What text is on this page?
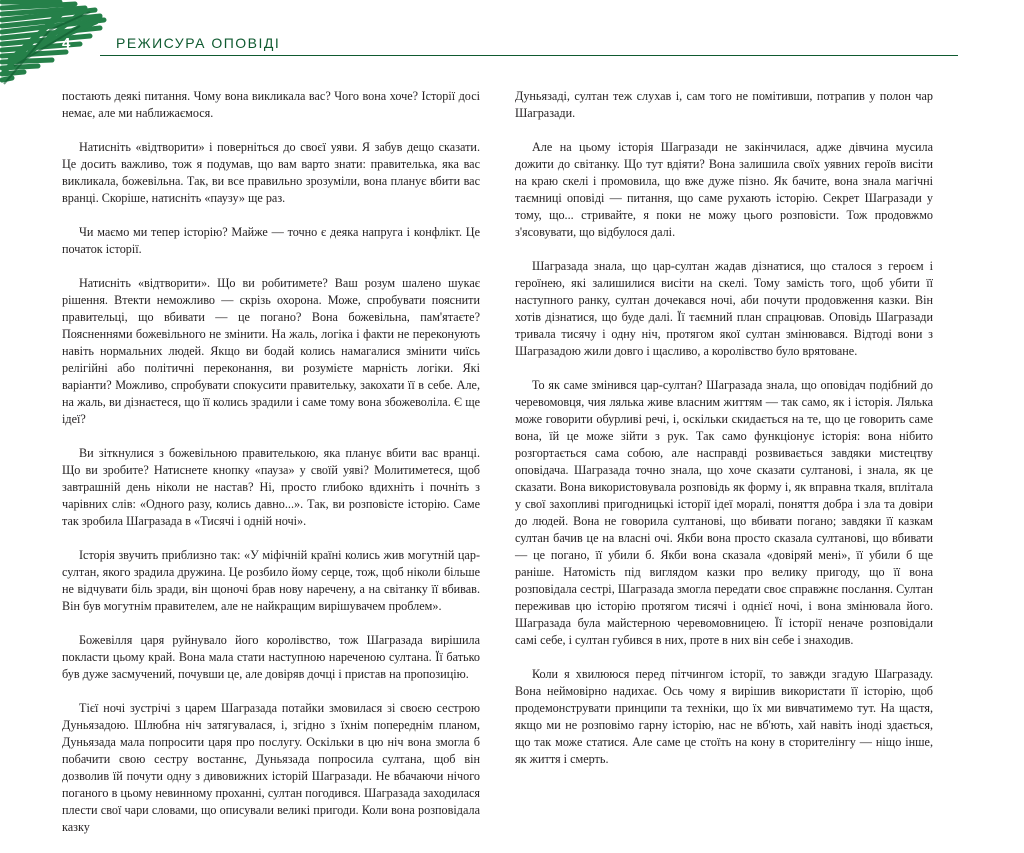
4	РЕЖИСУРА ОПОВІДІ

постають деякі питання. Чому вона викликала вас? Чого вона хоче? Історії досі немає, але ми наближаємося.

Натисніть «відтворити» і поверніться до своєї уяви. Я забув дещо сказати. Це досить важливо, тож я подумав, що вам варто знати: правителька, яка вас викликала, божевільна. Так, ви все правильно зрозуміли, вона планує вбити вас вранці. Скоріше, натисніть «паузу» ще раз.

Чи маємо ми тепер історію? Майже — точно є деяка напруга і конфлікт. Це початок історії.

Натисніть «відтворити». Що ви робитимете? Ваш розум шалено шукає рішення. Втекти неможливо — скрізь охорона. Може, спробувати пояснити правительці, що вбивати — це погано? Вона божевільна, пам'ятаєте? Поясненнями божевільного не змінити. На жаль, логіка і факти не переконують навіть нормальних людей. Якщо ви бодай колись намагалися змінити чиїсь релігійні або політичні переконання, ви розумієте марність логіки. Які варіанти? Можливо, спробувати спокусити правительку, закохати її в себе. Але, на жаль, ви дізнаєтеся, що її колись зрадили і саме тому вона збожеволіла. Є ще ідеї?

Ви зіткнулися з божевільною правителькою, яка планує вбити вас вранці. Що ви зробите? Натиснете кнопку «пауза» у своїй уяві? Молитиметеся, щоб завтрашній день ніколи не настав? Ні, просто глибоко вдихніть і почніть з чарівних слів: «Одного разу, колись давно...». Так, ви розповісте історію. Саме так зробила Шагразада в «Тисячі і одній ночі».

Історія звучить приблизно так: «У міфічній країні колись жив могутній цар-султан, якого зрадила дружина. Це розбило йому серце, тож, щоб ніколи більше не відчувати біль зради, він щоночі брав нову наречену, а на світанку її вбивав. Він був могутнім правителем, але не найкращим вирішувачем проблем».

Божевілля царя руйнувало його королівство, тож Шагразада вирішила покласти цьому край. Вона мала стати наступною нареченою султана. Її батько був дуже засмучений, почувши це, але довіряв дочці і пристав на пропозицію.

Тієї ночі зустрічі з царем Шагразада потайки змовилася зі своєю сестрою Дуньязадою. Шлюбна ніч затягувалася, і, згідно з їхнім попереднім планом, Дуньязада мала попросити царя про послугу. Оскільки в цю ніч вона змогла б побачити свою сестру востаннє, Дуньязада попросила султана, щоб він дозволив їй почути одну з дивовижних історій Шагразади. Не вбачаючи нічого поганого в цьому невинному проханні, султан погодився. Шагразада заходилася плести свої чари словами, що описували великі пригоди. Коли вона розповідала казку

Дуньязаді, султан теж слухав і, сам того не помітивши, потрапив у полон чар Шагразади.

Але на цьому історія Шагразади не закінчилася, адже дівчина мусила дожити до світанку. Що тут вдіяти? Вона залишила своїх уявних героїв висіти на краю скелі і промовила, що вже дуже пізно. Як бачите, вона знала магічні таємниці оповіді — питання, що саме рухають історію. Секрет Шагразади у тому, що... стривайте, я поки не можу цього розповісти. Тож продовжмо з'ясовувати, що відбулося далі.

Шагразада знала, що цар-султан жадав дізнатися, що сталося з героєм і героїнею, які залишилися висіти на скелі. Тому замість того, щоб убити її наступного ранку, султан дочекався ночі, аби почути продовження казки. Він хотів дізнатися, що буде далі. Її таємний план спрацював. Оповідь Шагразади тривала тисячу і одну ніч, протягом якої султан змінювався. Відтоді вони з Шагразадою жили довго і щасливо, а королівство було врятоване.

То як саме змінився цар-султан? Шагразада знала, що оповідач подібний до черевомовця, чия лялька живе власним життям — так само, як і історія. Лялька може говорити обурливі речі, і, оскільки скидається на те, що це говорить саме вона, їй це може зійти з рук. Так само функціонує історія: вона нібито розгортається сама собою, але насправді розвивається завдяки мистецтву оповідача. Шагразада точно знала, що хоче сказати султанові, і знала, як це сказати. Вона використовувала розповідь як форму і, як вправна ткаля, вплітала у свої захопливі пригодницькі історії ідеї моралі, поняття добра і зла та довіри до людей. Вона не говорила султанові, що вбивати погано; завдяки її казкам султан бачив це на власні очі. Якби вона просто сказала султанові, що вбивати — це погано, її убили б. Якби вона сказала «довіряй мені», її убили б ще раніше. Натомість під виглядом казки про велику пригоду, що її вона розповідала сестрі, Шагразада змогла передати своє справжнє послання. Султан переживав цю історію протягом тисячі і однієї ночі, і вона змінювала його. Шагразада була майстерною черевомовницею. Її історії неначе розповідали самі себе, і султан губився в них, проте в них він себе і знаходив.

Коли я хвилююся перед пітчингом історії, то завжди згадую Шагразаду. Вона неймовірно надихає. Ось чому я вирішив використати її історію, щоб продемонструвати принципи та техніки, що їх ми вивчатимемо тут. На щастя, якщо ми не розповімо гарну історію, нас не вб'ють, хай навіть іноді здається, що так може статися. Але саме це стоїть на кону в сторителінгу — ніщо інше, як життя і смерть.
